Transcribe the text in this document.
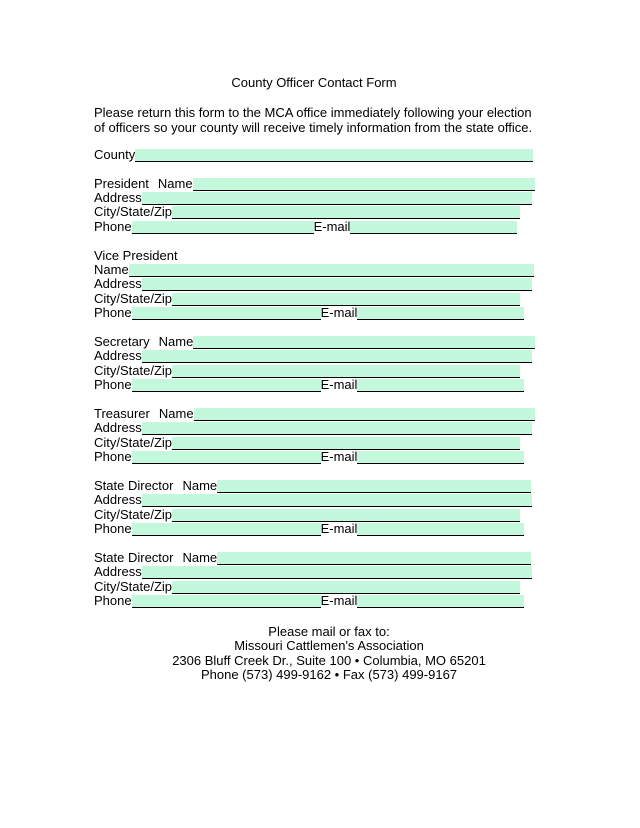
County Officer Contact Form
Please return this form to the MCA office immediately following your election of officers so your county will receive timely information from the state office.
County
President Name
Address
City/State/Zip
Phone	E-mail
Vice President
Name
Address
City/State/Zip
Phone	E-mail
Secretary Name
Address
City/State/Zip
Phone	E-mail
Treasurer Name
Address
City/State/Zip
Phone	E-mail
State Director Name
Address
City/State/Zip
Phone	E-mail
State Director Name
Address
City/State/Zip
Phone	E-mail
Please mail or fax to:
Missouri Cattlemen's Association
2306 Bluff Creek Dr., Suite 100 • Columbia, MO 65201
Phone (573) 499-9162 • Fax (573) 499-9167
